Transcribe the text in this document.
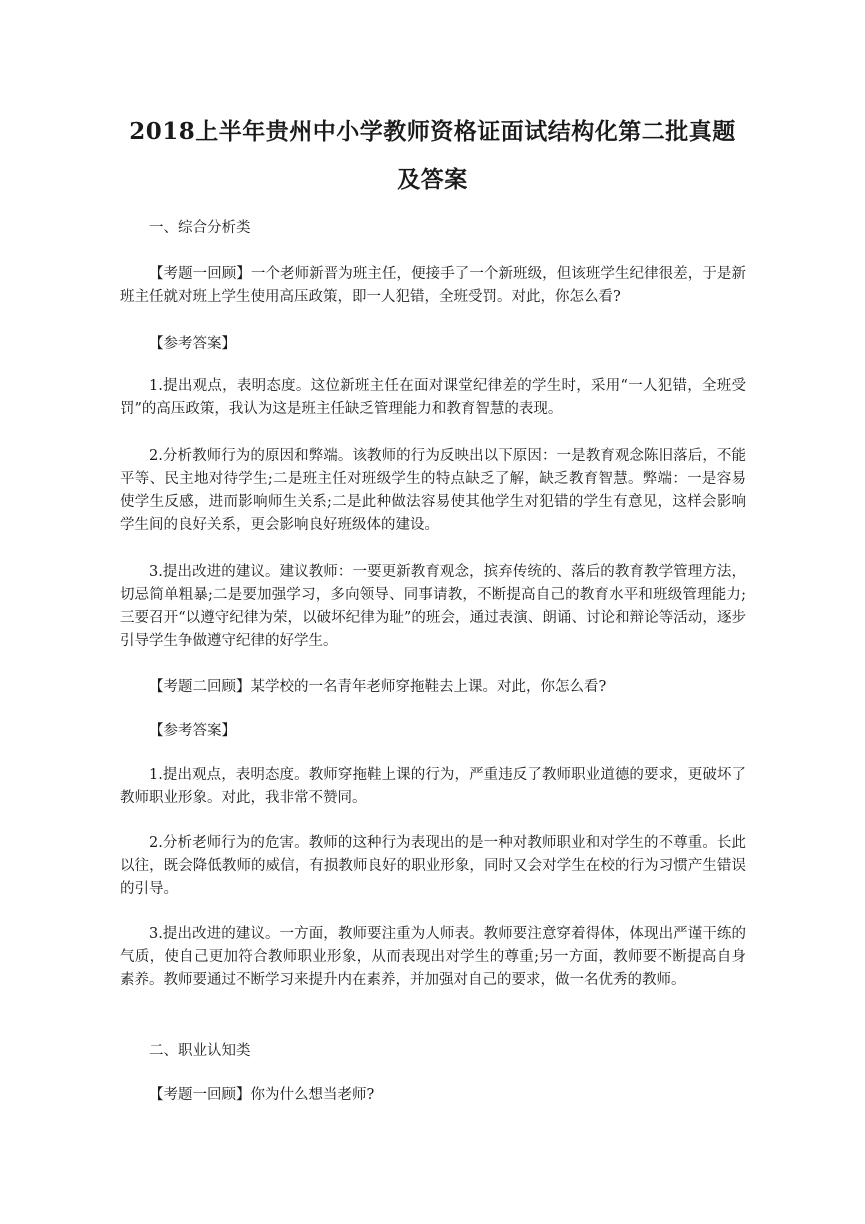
2018上半年贵州中小学教师资格证面试结构化第二批真题
及答案
一、综合分析类
【考题一回顾】一个老师新晋为班主任，便接手了一个新班级，但该班学生纪律很差，于是新班主任就对班上学生使用高压政策，即一人犯错，全班受罚。对此，你怎么看?
【参考答案】
1.提出观点，表明态度。这位新班主任在面对课堂纪律差的学生时，采用“一人犯错，全班受罚”的高压政策，我认为这是班主任缺乏管理能力和教育智慧的表现。
2.分析教师行为的原因和弊端。该教师的行为反映出以下原因：一是教育观念陈旧落后，不能平等、民主地对待学生;二是班主任对班级学生的特点缺乏了解，缺乏教育智慧。弊端：一是容易使学生反感，进而影响师生关系;二是此种做法容易使其他学生对犯错的学生有意见，这样会影响学生间的良好关系，更会影响良好班级体的建设。
3.提出改进的建议。建议教师：一要更新教育观念，摈弃传统的、落后的教育教学管理方法，切忌简单粗暴;二是要加强学习，多向领导、同事请教，不断提高自己的教育水平和班级管理能力;三要召开“以遵守纪律为荣，以破坏纪律为耻”的班会，通过表演、朗诵、讨论和辩论等活动，逐步引导学生争做遵守纪律的好学生。
【考题二回顾】某学校的一名青年老师穿拖鞋去上课。对此，你怎么看?
【参考答案】
1.提出观点，表明态度。教师穿拖鞋上课的行为，严重违反了教师职业道德的要求，更破坏了教师职业形象。对此，我非常不赞同。
2.分析老师行为的危害。教师的这种行为表现出的是一种对教师职业和对学生的不尊重。长此以往，既会降低教师的威信，有损教师良好的职业形象，同时又会对学生在校的行为习惯产生错误的引导。
3.提出改进的建议。一方面，教师要注重为人师表。教师要注意穿着得体，体现出严谨干练的气质，使自己更加符合教师职业形象，从而表现出对学生的尊重;另一方面，教师要不断提高自身素养。教师要通过不断学习来提升内在素养，并加强对自己的要求，做一名优秀的教师。
二、职业认知类
【考题一回顾】你为什么想当老师?
